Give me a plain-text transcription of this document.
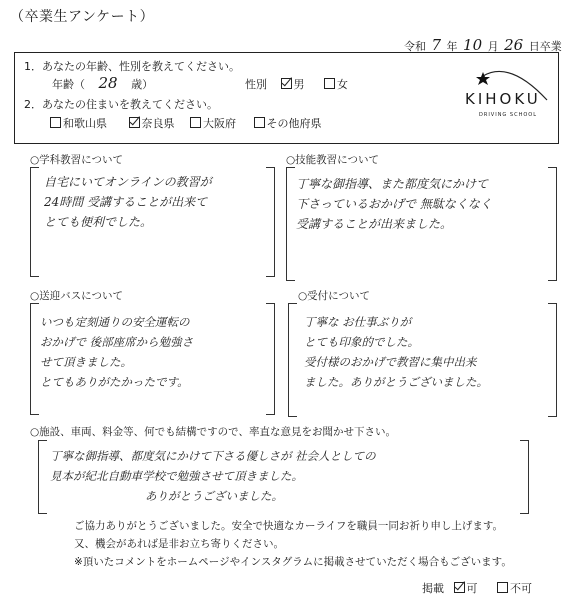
（卒業生アンケート）
令和 7 年 10 月 26 日卒業
1．あなたの年齢、性別を教えてください。
年齢（ 28 歳）	性別 男	女
2．あなたの住まいを教えてください。
和歌山県	奈良県	大阪府	その他府県
KIHOKU
DRIVING SCHOOL
○学科教習について
自宅にいてオンラインの教習が
24時間 受講することが出来て
とても便利でした。
○技能教習について
丁寧な御指導、また都度気にかけて
下さっているおかげで 無駄なくなく
受講することが出来ました。
○送迎バスについて
いつも定刻通りの安全運転の
おかげで 後部座席から勉強さ
せて頂きました。
とてもありがたかったです。
○受付について
丁寧な お仕事ぶりが
とても印象的でした。
受付様のおかげで教習に集中出来
ました。ありがとうございました。
○施設、車両、料金等、何でも結構ですので、率直な意見をお聞かせ下さい。
丁寧な御指導、都度気にかけて下さる優しさが 社会人としての
見本が紀北自動車学校で勉強させて頂きました。
ありがとうございました。
ご協力ありがとうございました。安全で快適なカーライフを職員一同お祈り申し上げます。
又、機会があれば是非お立ち寄りください。
※頂いたコメントをホームページやインスタグラムに掲載させていただく場合もございます。
掲載 可	不可
